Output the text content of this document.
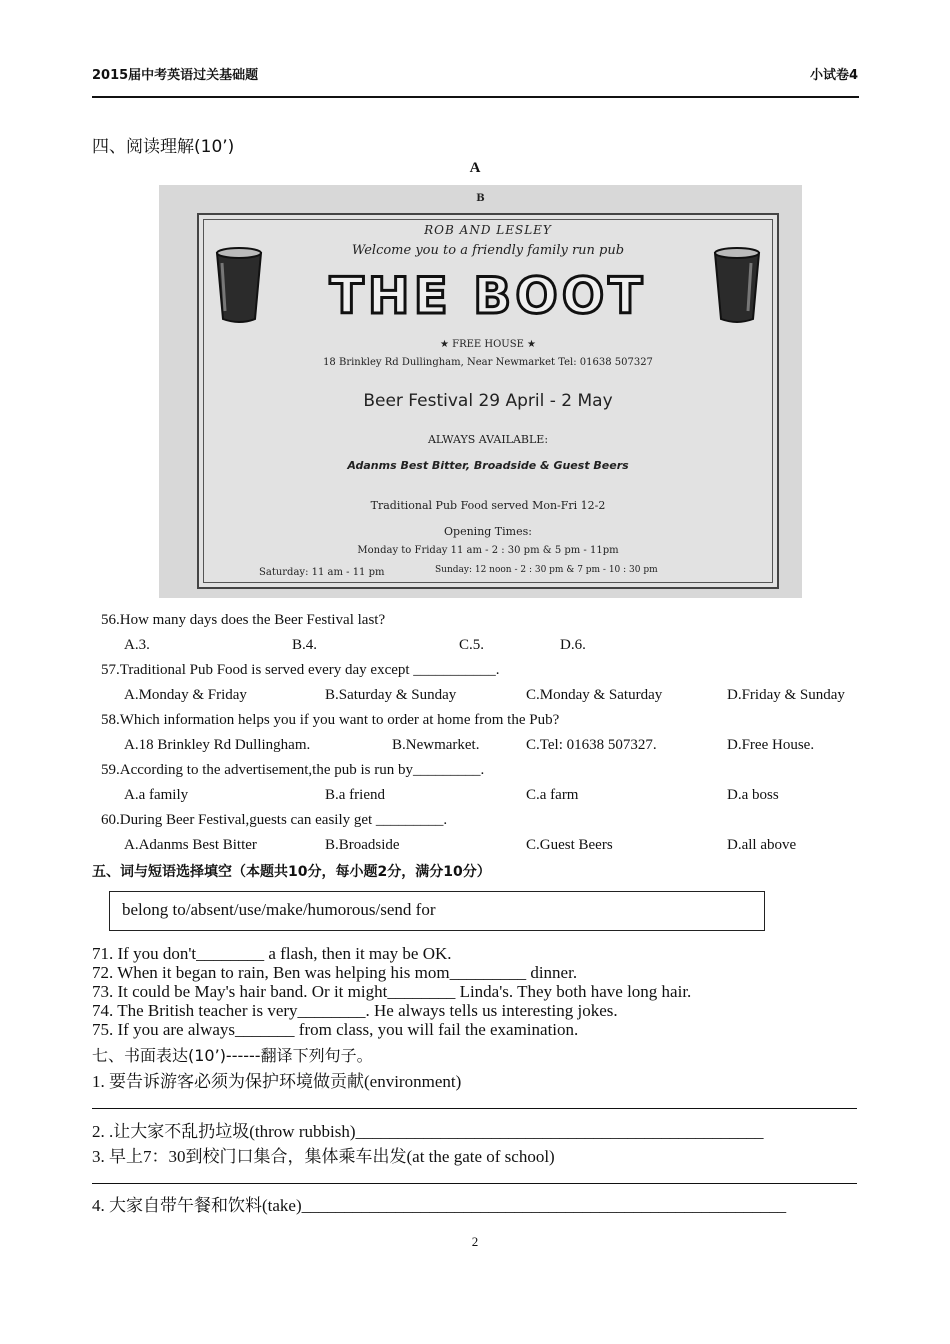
2015届中考英语过关基础题	小试卷4
四、阅读理解(10’)
A
B
ROB AND LESLEY
Welcome you to a friendly family run pub
THE BOOT
★ FREE HOUSE ★
18 Brinkley Rd Dullingham, Near Newmarket Tel: 01638 507327
Beer Festival 29 April - 2 May
ALWAYS AVAILABLE:
Adanms Best Bitter, Broadside & Guest Beers
Traditional Pub Food served Mon-Fri 12-2
Opening Times:
Monday to Friday 11 am - 2 : 30 pm & 5 pm - 11pm
Saturday: 11 am - 11 pm	Sunday: 12 noon - 2 : 30 pm & 7 pm - 10 : 30 pm
56.How many days does the Beer Festival last?
A.3.	B.4.	C.5.	D.6.
57.Traditional Pub Food is served every day except ___________.
A.Monday & Friday	B.Saturday & Sunday	C.Monday & Saturday	D.Friday & Sunday
58.Which information helps you if you want to order at home from the Pub?
A.18 Brinkley Rd Dullingham.	B.Newmarket.	C.Tel: 01638 507327.	D.Free House.
59.According to the advertisement,the pub is run by_________.
A.a family	B.a friend	C.a farm	D.a boss
60.During Beer Festival,guests can easily get _________.
A.Adanms Best Bitter	B.Broadside	C.Guest Beers	D.all above
五、词与短语选择填空（本题共10分，每小题2分，满分10分）
belong to/absent/use/make/humorous/send for
71. If you don't________ a flash, then it may be OK.
72. When it began to rain, Ben was helping his mom_________ dinner.
73. It could be May's hair band. Or it might________ Linda's. They both have long hair.
74. The British teacher is very________. He always tells us interesting jokes.
75. If you are always_______ from class, you will fail the examination.
七、书面表达(10’)------翻译下列句子。
1. 要告诉游客必须为保护环境做贡献(environment)
2. .让大家不乱扔垃圾(throw rubbish)________________________________________________
3. 早上7：30到校门口集合，集体乘车出发(at the gate of school)
4. 大家自带午餐和饮料(take)_________________________________________________________
2
